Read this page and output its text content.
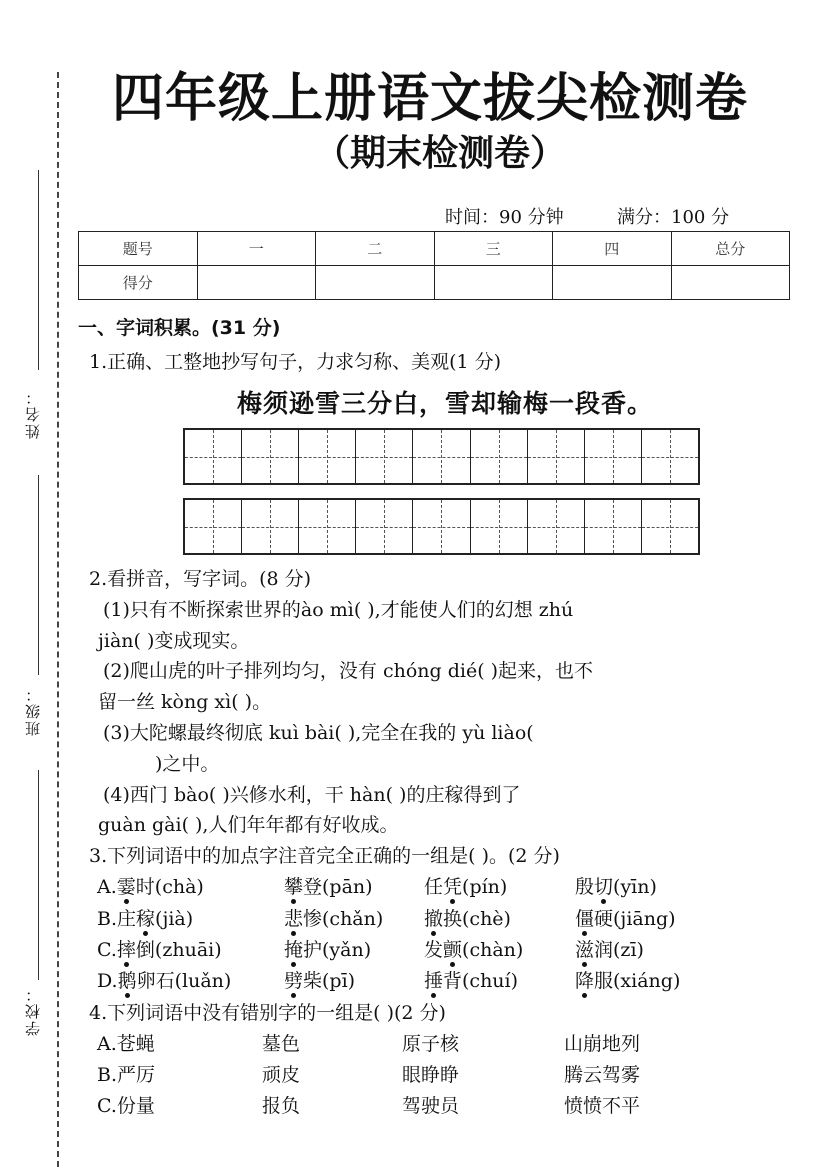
姓名：
班级：
学校：
四年级上册语文拔尖检测卷
（期末检测卷）
时间：90 分钟	满分：100 分
题号	一	二	三	四	总分
得分					
一、字词积累。(31 分)
1.正确、工整地抄写句子，力求匀称、美观(1 分)
梅须逊雪三分白，雪却输梅一段香。
2.看拼音，写字词。(8 分)
(1)只有不断探索世界的ào mì( ),才能使人们的幻想 zhú
jiàn( )变成现实。
(2)爬山虎的叶子排列均匀，没有 chóng dié( )起来，也不
留一丝 kòng xì( )。
(3)大陀螺最终彻底 kuì bài( ),完全在我的 yù liào(
)之中。
(4)西门 bào( )兴修水利，干 hàn( )的庄稼得到了
guàn gài( ),人们年年都有好收成。
3.下列词语中的加点字注音完全正确的一组是( )。(2 分)
A.霎时(chà)	攀登(pān)	任凭(pín)	殷切(yīn)
B.庄稼(jià)	悲惨(chǎn) 撤换(chè)	僵硬(jiāng)
C.摔倒(zhuāi)	掩护(yǎn)	发颤(chàn)	滋润(zī)
D.鹅卵石(luǎn)	劈柴(pī)	捶背(chuí)	降服(xiáng)
4.下列词语中没有错别字的一组是( )(2 分)
A.苍蝇	墓色	原子核	山崩地列
B.严厉	顽皮	眼睁睁	腾云驾雾
C.份量	报负	驾驶员	愤愤不平
